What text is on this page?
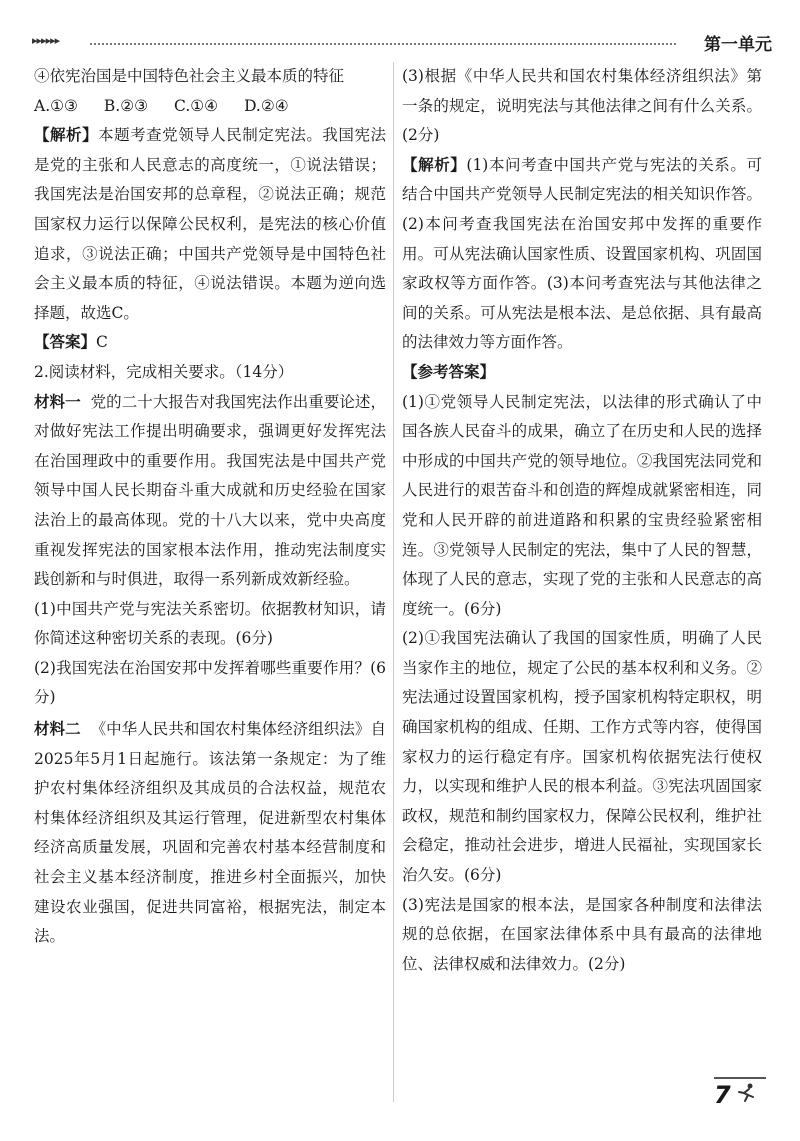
▸▸▸▸▸▸	第一单元

④依宪治国是中国特色社会主义最本质的特征

A.①③ B.②③ C.①④ D.②④

【解析】本题考查党领导人民制定宪法。我国宪法是党的主张和人民意志的高度统一，①说法错误；我国宪法是治国安邦的总章程，②说法正确；规范国家权力运行以保障公民权利，是宪法的核心价值追求，③说法正确；中国共产党领导是中国特色社会主义最本质的特征，④说法错误。本题为逆向选择题，故选C。

【答案】C

2.阅读材料，完成相关要求。（14分）

材料一 党的二十大报告对我国宪法作出重要论述，对做好宪法工作提出明确要求，强调更好发挥宪法在治国理政中的重要作用。我国宪法是中国共产党领导中国人民长期奋斗重大成就和历史经验在国家法治上的最高体现。党的十八大以来，党中央高度重视发挥宪法的国家根本法作用，推动宪法制度实践创新和与时俱进，取得一系列新成效新经验。

(1)中国共产党与宪法关系密切。依据教材知识，请你简述这种密切关系的表现。(6分)

(2)我国宪法在治国安邦中发挥着哪些重要作用？(6分)

材料二 《中华人民共和国农村集体经济组织法》自2025年5月1日起施行。该法第一条规定：为了维护农村集体经济组织及其成员的合法权益，规范农村集体经济组织及其运行管理，促进新型农村集体经济高质量发展，巩固和完善农村基本经营制度和社会主义基本经济制度，推进乡村全面振兴，加快建设农业强国，促进共同富裕，根据宪法，制定本法。

(3)根据《中华人民共和国农村集体经济组织法》第一条的规定，说明宪法与其他法律之间有什么关系。(2分)

【解析】(1)本问考查中国共产党与宪法的关系。可结合中国共产党领导人民制定宪法的相关知识作答。(2)本问考查我国宪法在治国安邦中发挥的重要作用。可从宪法确认国家性质、设置国家机构、巩固国家政权等方面作答。(3)本问考查宪法与其他法律之间的关系。可从宪法是根本法、是总依据、具有最高的法律效力等方面作答。

【参考答案】

(1)①党领导人民制定宪法，以法律的形式确认了中国各族人民奋斗的成果，确立了在历史和人民的选择中形成的中国共产党的领导地位。②我国宪法同党和人民进行的艰苦奋斗和创造的辉煌成就紧密相连，同党和人民开辟的前进道路和积累的宝贵经验紧密相连。③党领导人民制定的宪法，集中了人民的智慧，体现了人民的意志，实现了党的主张和人民意志的高度统一。(6分)

(2)①我国宪法确认了我国的国家性质，明确了人民当家作主的地位，规定了公民的基本权利和义务。②宪法通过设置国家机构，授予国家机构特定职权，明确国家机构的组成、任期、工作方式等内容，使得国家权力的运行稳定有序。国家机构依据宪法行使权力，以实现和维护人民的根本利益。③宪法巩固国家政权，规范和制约国家权力，保障公民权利，维护社会稳定，推动社会进步，增进人民福祉，实现国家长治久安。(6分)

(3)宪法是国家的根本法，是国家各种制度和法律法规的总依据，在国家法律体系中具有最高的法律地位、法律权威和法律效力。(2分)

7
